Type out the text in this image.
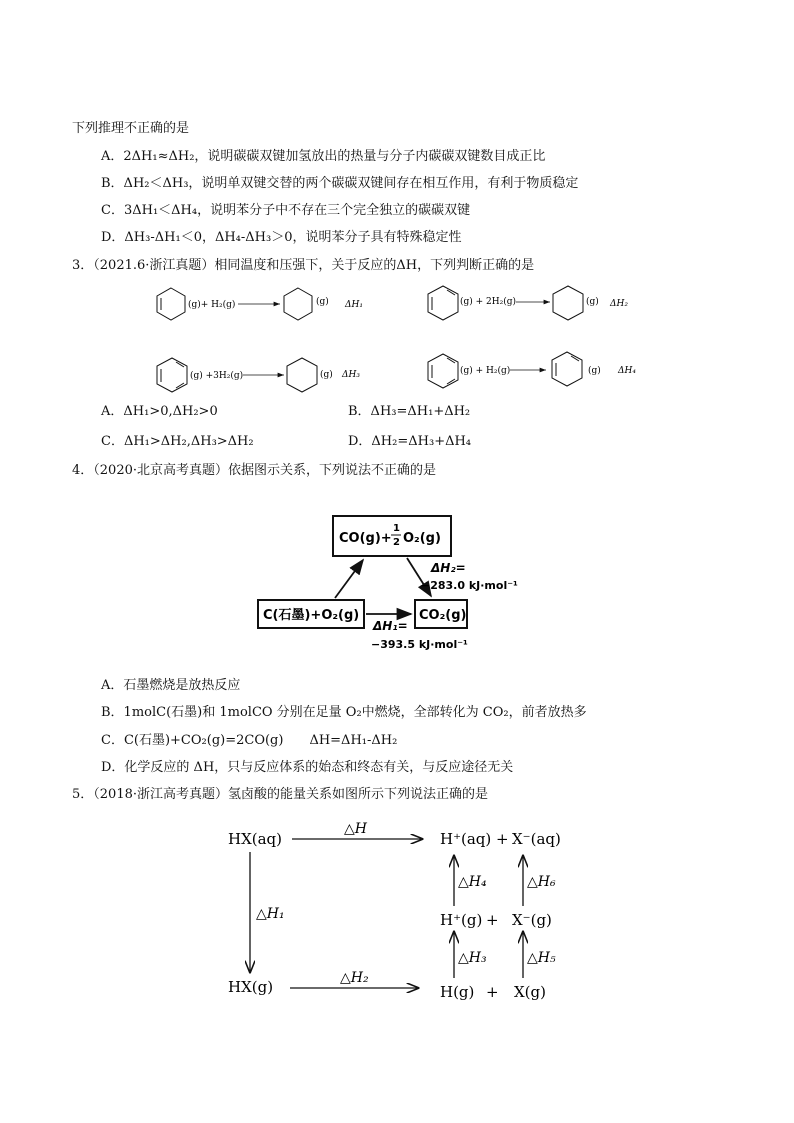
下列推理不正确的是
A．2ΔH₁≈ΔH₂，说明碳碳双键加氢放出的热量与分子内碳碳双键数目成正比
B．ΔH₂＜ΔH₃，说明单双键交替的两个碳碳双键间存在相互作用，有利于物质稳定
C．3ΔH₁＜ΔH₄，说明苯分子中不存在三个完全独立的碳碳双键
D．ΔH₃-ΔH₁＜0，ΔH₄-ΔH₃＞0，说明苯分子具有特殊稳定性
3．（2021.6·浙江真题）相同温度和压强下，关于反应的ΔH，下列判断正确的是
(g)+ H₂(g)	(g) ΔH₁	(g) + 2H₂(g)	(g) ΔH₂
(g) +3H₂(g)	(g) ΔH₃	(g) + H₂(g)	(g) ΔH₄
A．ΔH₁>0,ΔH₂>0	B．ΔH₃=ΔH₁+ΔH₂
C．ΔH₁>ΔH₂,ΔH₃>ΔH₂	D．ΔH₂=ΔH₃+ΔH₄
4．（2020·北京高考真题）依据图示关系，下列说法不正确的是
CO(g)+
1
2 O₂(g)
C(石墨)+O₂(g)	CO₂(g)
ΔH₂=
−283.0 kJ·mol⁻¹
ΔH₁=
−393.5 kJ·mol⁻¹
A．石墨燃烧是放热反应
B．1molC(石墨)和 1molCO 分别在足量 O₂中燃烧，全部转化为 CO₂，前者放热多
C．C(石墨)+CO₂(g)=2CO(g)　　ΔH=ΔH₁-ΔH₂
D．化学反应的 ΔH，只与反应体系的始态和终态有关，与反应途径无关
5．（2018·浙江高考真题）氢卤酸的能量关系如图所示下列说法正确的是
HX(aq)
△H
H⁺(aq) + X⁻(aq)
△H₁
HX(g)	△H₂
H(g) + X(g)
H⁺(g) + X⁻(g)
△H₃	△H₅
△H₄	△H₆
